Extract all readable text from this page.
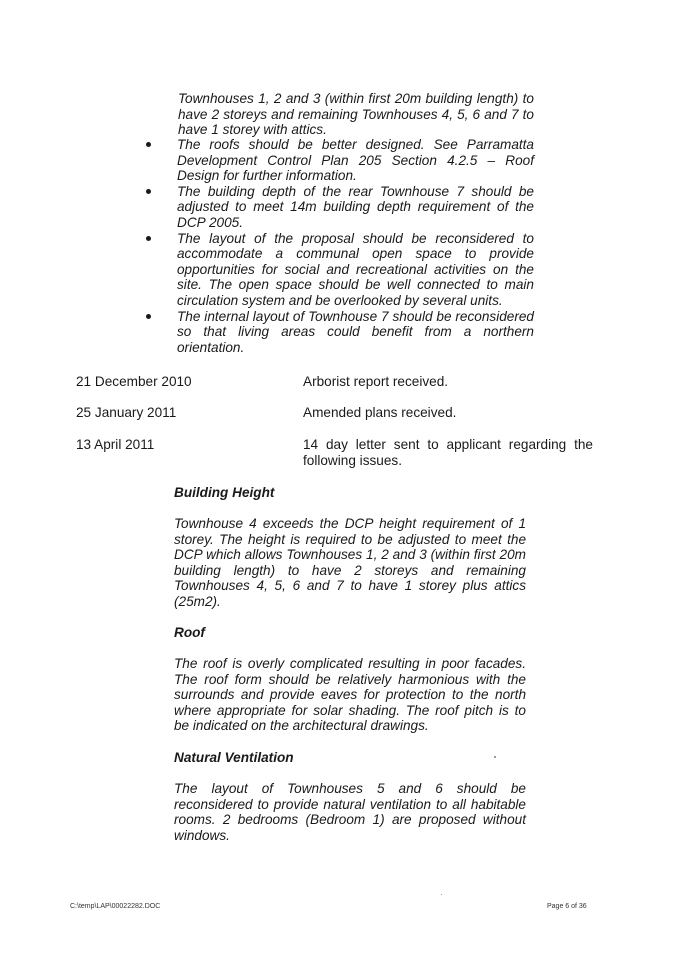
Townhouses 1, 2 and 3 (within first 20m building length) to have 2 storeys and remaining Townhouses 4, 5, 6 and 7 to have 1 storey with attics.
The roofs should be better designed. See Parramatta Development Control Plan 205 Section 4.2.5 – Roof Design for further information.
The building depth of the rear Townhouse 7 should be adjusted to meet 14m building depth requirement of the DCP 2005.
The layout of the proposal should be reconsidered to accommodate a communal open space to provide opportunities for social and recreational activities on the site. The open space should be well connected to main circulation system and be overlooked by several units.
The internal layout of Townhouse 7 should be reconsidered so that living areas could benefit from a northern orientation.
21 December 2010	Arborist report received.
25 January 2011	Amended plans received.
13 April 2011	14 day letter sent to applicant regarding the following issues.
Building Height
Townhouse 4 exceeds the DCP height requirement of 1 storey. The height is required to be adjusted to meet the DCP which allows Townhouses 1, 2 and 3 (within first 20m building length) to have 2 storeys and remaining Townhouses 4, 5, 6 and 7 to have 1 storey plus attics (25m2).
Roof
The roof is overly complicated resulting in poor facades. The roof form should be relatively harmonious with the surrounds and provide eaves for protection to the north where appropriate for solar shading. The roof pitch is to be indicated on the architectural drawings.
Natural Ventilation
The layout of Townhouses 5 and 6 should be reconsidered to provide natural ventilation to all habitable rooms. 2 bedrooms (Bedroom 1) are proposed without windows.
C:\temp\LAP\00022282.DOC	Page 6 of 36
